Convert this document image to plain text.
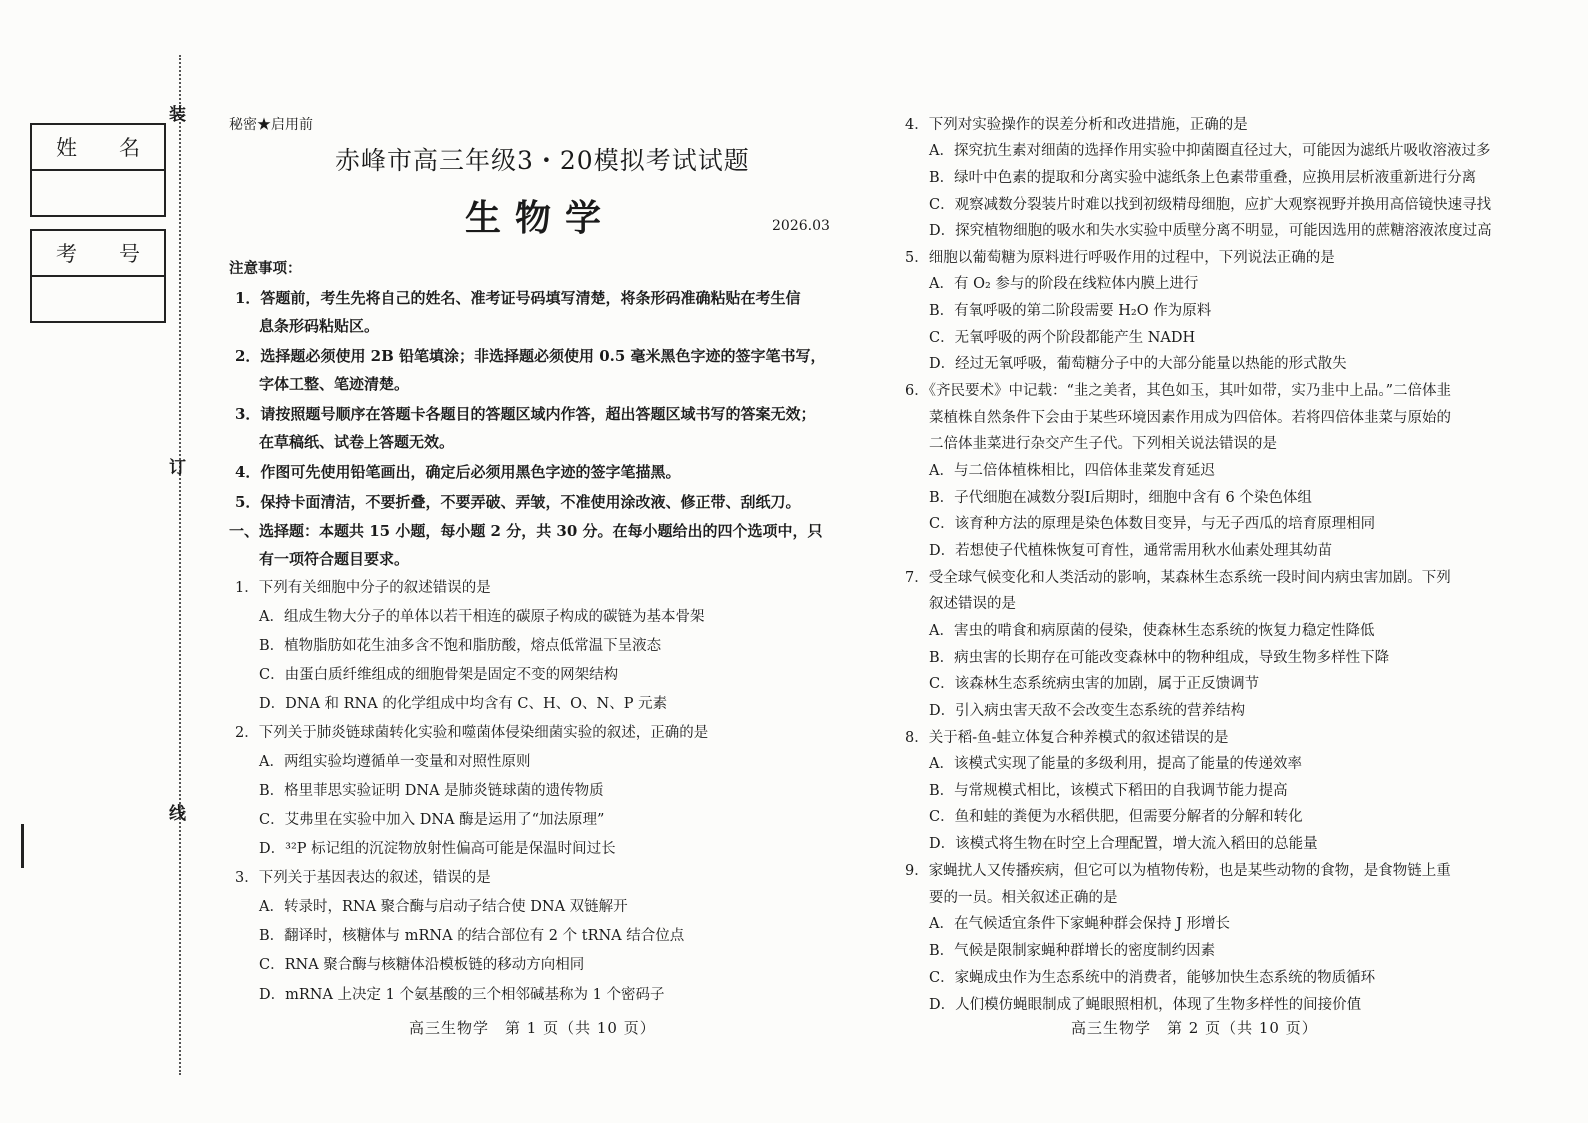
装
订
线
姓　　名
考　　号
秘密★启用前
赤峰市高三年级3・20模拟考试试题
生物学	2026.03
注意事项：
1．答题前，考生先将自己的姓名、准考证号码填写清楚，将条形码准确粘贴在考生信
息条形码粘贴区。
2．选择题必须使用 2B 铅笔填涂；非选择题必须使用 0.5 毫米黑色字迹的签字笔书写，
字体工整、笔迹清楚。
3．请按照题号顺序在答题卡各题目的答题区域内作答，超出答题区域书写的答案无效；
在草稿纸、试卷上答题无效。
4．作图可先使用铅笔画出，确定后必须用黑色字迹的签字笔描黑。
5．保持卡面清洁，不要折叠，不要弄破、弄皱，不准使用涂改液、修正带、刮纸刀。
一、选择题：本题共 15 小题，每小题 2 分，共 30 分。在每小题给出的四个选项中，只
有一项符合题目要求。
1．下列有关细胞中分子的叙述错误的是
A．组成生物大分子的单体以若干相连的碳原子构成的碳链为基本骨架
B．植物脂肪如花生油多含不饱和脂肪酸，熔点低常温下呈液态
C．由蛋白质纤维组成的细胞骨架是固定不变的网架结构
D．DNA 和 RNA 的化学组成中均含有 C、H、O、N、P 元素
2．下列关于肺炎链球菌转化实验和噬菌体侵染细菌实验的叙述，正确的是
A．两组实验均遵循单一变量和对照性原则
B．格里菲思实验证明 DNA 是肺炎链球菌的遗传物质
C．艾弗里在实验中加入 DNA 酶是运用了“加法原理”
D．³²P 标记组的沉淀物放射性偏高可能是保温时间过长
3．下列关于基因表达的叙述，错误的是
A．转录时，RNA 聚合酶与启动子结合使 DNA 双链解开
B．翻译时，核糖体与 mRNA 的结合部位有 2 个 tRNA 结合位点
C．RNA 聚合酶与核糖体沿模板链的移动方向相同
D．mRNA 上决定 1 个氨基酸的三个相邻碱基称为 1 个密码子
高三生物学　第 1 页（共 10 页）
4．下列对实验操作的误差分析和改进措施，正确的是
A．探究抗生素对细菌的选择作用实验中抑菌圈直径过大，可能因为滤纸片吸收溶液过多
B．绿叶中色素的提取和分离实验中滤纸条上色素带重叠，应换用层析液重新进行分离
C．观察减数分裂装片时难以找到初级精母细胞，应扩大观察视野并换用高倍镜快速寻找
D．探究植物细胞的吸水和失水实验中质壁分离不明显，可能因选用的蔗糖溶液浓度过高
5．细胞以葡萄糖为原料进行呼吸作用的过程中，下列说法正确的是
A．有 O₂ 参与的阶段在线粒体内膜上进行
B．有氧呼吸的第二阶段需要 H₂O 作为原料
C．无氧呼吸的两个阶段都能产生 NADH
D．经过无氧呼吸，葡萄糖分子中的大部分能量以热能的形式散失
6．《齐民要术》中记载：“韭之美者，其色如玉，其叶如带，实乃韭中上品。”二倍体韭
菜植株自然条件下会由于某些环境因素作用成为四倍体。若将四倍体韭菜与原始的
二倍体韭菜进行杂交产生子代。下列相关说法错误的是
A．与二倍体植株相比，四倍体韭菜发育延迟
B．子代细胞在减数分裂Ⅰ后期时，细胞中含有 6 个染色体组
C．该育种方法的原理是染色体数目变异，与无子西瓜的培育原理相同
D．若想使子代植株恢复可育性，通常需用秋水仙素处理其幼苗
7．受全球气候变化和人类活动的影响，某森林生态系统一段时间内病虫害加剧。下列
叙述错误的是
A．害虫的啃食和病原菌的侵染，使森林生态系统的恢复力稳定性降低
B．病虫害的长期存在可能改变森林中的物种组成，导致生物多样性下降
C．该森林生态系统病虫害的加剧，属于正反馈调节
D．引入病虫害天敌不会改变生态系统的营养结构
8．关于稻-鱼-蛙立体复合种养模式的叙述错误的是
A．该模式实现了能量的多级利用，提高了能量的传递效率
B．与常规模式相比，该模式下稻田的自我调节能力提高
C．鱼和蛙的粪便为水稻供肥，但需要分解者的分解和转化
D．该模式将生物在时空上合理配置，增大流入稻田的总能量
9．家蝇扰人又传播疾病，但它可以为植物传粉，也是某些动物的食物，是食物链上重
要的一员。相关叙述正确的是
A．在气候适宜条件下家蝇种群会保持 J 形增长
B．气候是限制家蝇种群增长的密度制约因素
C．家蝇成虫作为生态系统中的消费者，能够加快生态系统的物质循环
D．人们模仿蝇眼制成了蝇眼照相机，体现了生物多样性的间接价值
高三生物学　第 2 页（共 10 页）
